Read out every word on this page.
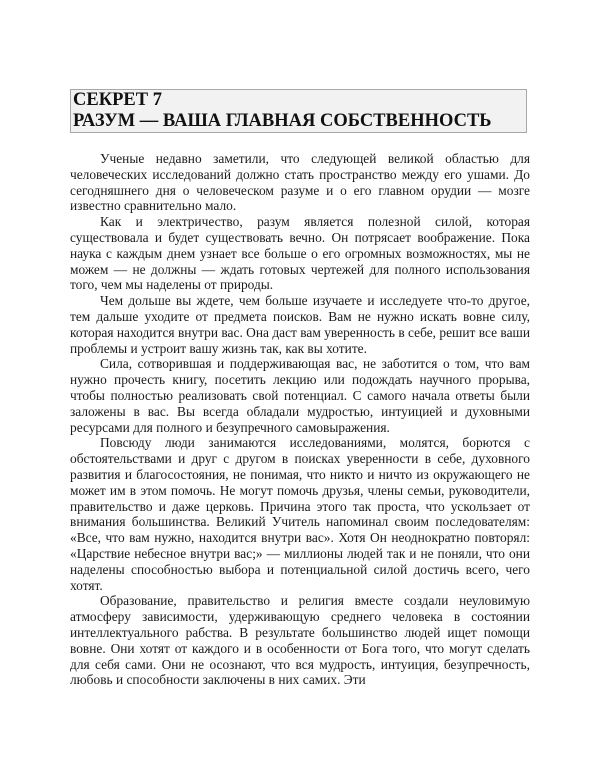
СЕКРЕТ 7
РАЗУМ — ВАША ГЛАВНАЯ СОБСТВЕННОСТЬ

Ученые недавно заметили, что следующей великой областью для человеческих исследований должно стать пространство между его ушами. До сегодняшнего дня о человеческом разуме и о его главном орудии — мозге известно сравнительно мало.

Как и электричество, разум является полезной силой, которая существовала и будет существовать вечно. Он потрясает воображение. Пока наука с каждым днем узнает все больше о его огромных возможностях, мы не можем — не должны — ждать готовых чертежей для полного использования того, чем мы наделены от природы.

Чем дольше вы ждете, чем больше изучаете и исследуете что-то другое, тем дальше уходите от предмета поисков. Вам не нужно искать вовне силу, которая находится внутри вас. Она даст вам уверенность в себе, решит все ваши проблемы и устроит вашу жизнь так, как вы хотите.

Сила, сотворившая и поддерживающая вас, не заботится о том, что вам нужно прочесть книгу, посетить лекцию или подождать научного прорыва, чтобы полностью реализовать свой потенциал. С самого начала ответы были заложены в вас. Вы всегда обладали мудростью, интуицией и духовными ресурсами для полного и безупречного самовыражения.

Повсюду люди занимаются исследованиями, молятся, борются с обстоятельствами и друг с другом в поисках уверенности в себе, духовного развития и благосостояния, не понимая, что никто и ничто из окружающего не может им в этом помочь. Не могут помочь друзья, члены семьи, руководители, правительство и даже церковь. Причина этого так проста, что ускользает от внимания большинства. Великий Учитель напоминал своим последователям: «Все, что вам нужно, находится внутри вас». Хотя Он неоднократно повторял: «Царствие небесное внутри вас;» — миллионы людей так и не поняли, что они наделены способностью выбора и потенциальной силой достичь всего, чего хотят.

Образование, правительство и религия вместе создали неуловимую атмосферу зависимости, удерживающую среднего человека в состоянии интеллектуального рабства. В результате большинство людей ищет помощи вовне. Они хотят от каждого и в особенности от Бога того, что могут сделать для себя сами. Они не осознают, что вся мудрость, интуиция, безупречность, любовь и способности заключены в них самих. Эти
